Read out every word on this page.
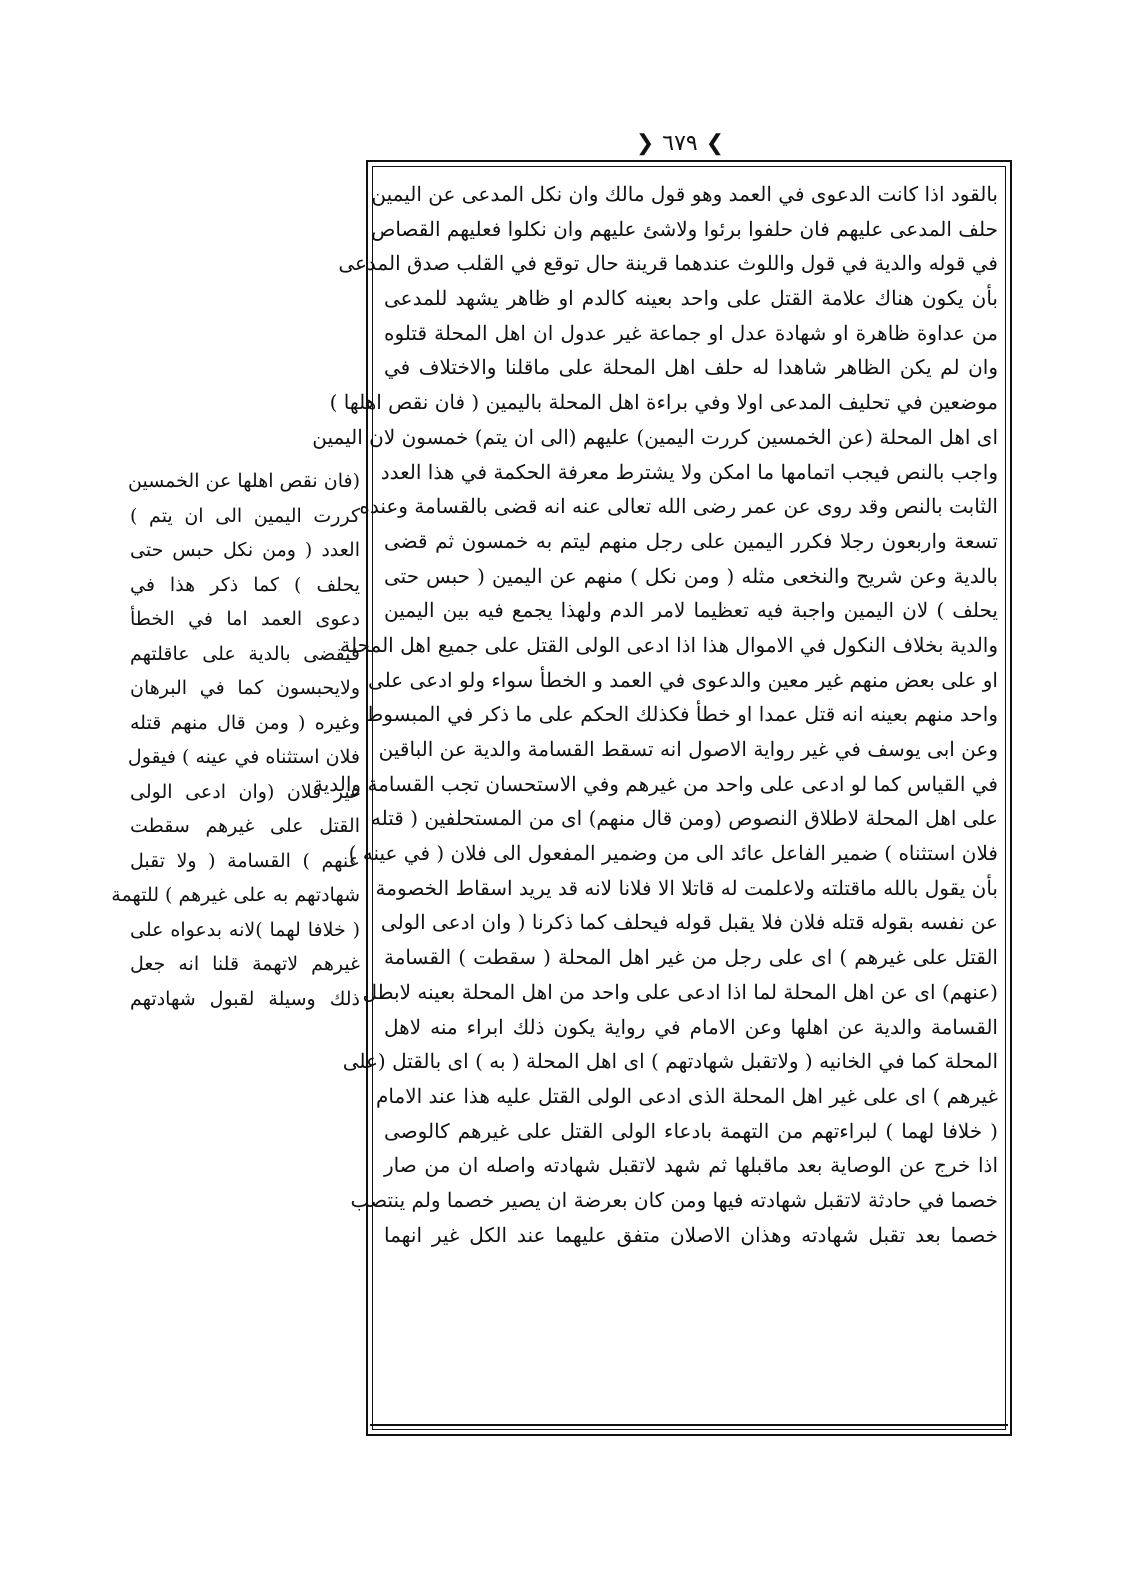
❯
٦٧٩
❮
بالقود اذا كانت الدعوى في العمد وهو قول مالك وان نكل المدعى عن اليمين
حلف المدعى عليهم فان حلفوا برئوا ولاشئ عليهم وان نكلوا فعليهم القصاص
في قوله والدية في قول واللوث عندهما قرينة حال توقع في القلب صدق المدعى
بأن يكون هناك علامة القتل على واحد بعينه كالدم او ظاهر يشهد للمدعى
من عداوة ظاهرة او شهادة عدل او جماعة غير عدول ان اهل المحلة قتلوه
وان لم يكن الظاهر شاهدا له حلف اهل المحلة على ماقلنا والاختلاف في
موضعين في تحليف المدعى اولا وفي براءة اهل المحلة باليمين ( فان نقص اهلها )
اى اهل المحلة (عن الخمسين كررت اليمين) عليهم (الى ان يتم) خمسون لان اليمين
واجب بالنص فيجب اتمامها ما امكن ولا يشترط معرفة الحكمة في هذا العدد
الثابت بالنص وقد روى عن عمر رضى الله تعالى عنه انه قضى بالقسامة وعنده
تسعة واربعون رجلا فكرر اليمين على رجل منهم ليتم به خمسون ثم قضى
بالدية وعن شريح والنخعى مثله ( ومن نكل ) منهم عن اليمين ( حبس حتى
يحلف ) لان اليمين واجبة فيه تعظيما لامر الدم ولهذا يجمع فيه بين اليمين
والدية بخلاف النكول في الاموال هذا اذا ادعى الولى القتل على جميع اهل المحلة
او على بعض منهم غير معين والدعوى في العمد و الخطأ سواء ولو ادعى على
واحد منهم بعينه انه قتل عمدا او خطأ فكذلك الحكم على ما ذكر في المبسوط
وعن ابى يوسف في غير رواية الاصول انه تسقط القسامة والدية عن الباقين
في القياس كما لو ادعى على واحد من غيرهم وفي الاستحسان تجب القسامة والدية
على اهل المحلة لاطلاق النصوص (ومن قال منهم) اى من المستحلفين ( قتله
فلان استثناه ) ضمير الفاعل عائد الى من وضمير المفعول الى فلان ( في عينه )
بأن يقول بالله ماقتلته ولاعلمت له قاتلا الا فلانا لانه قد يريد اسقاط الخصومة
عن نفسه بقوله قتله فلان فلا يقبل قوله فيحلف كما ذكرنا ( وان ادعى الولى
القتل على غيرهم ) اى على رجل من غير اهل المحلة ( سقطت ) القسامة
(عنهم) اى عن اهل المحلة لما اذا ادعى على واحد من اهل المحلة بعينه لابطل
القسامة والدية عن اهلها وعن الامام في رواية يكون ذلك ابراء منه لاهل
المحلة كما في الخانيه ( ولاتقبل شهادتهم ) اى اهل المحلة ( به ) اى بالقتل (على
غيرهم ) اى على غير اهل المحلة الذى ادعى الولى القتل عليه هذا عند الامام
( خلافا لهما ) لبراءتهم من التهمة بادعاء الولى القتل على غيرهم كالوصى
اذا خرج عن الوصاية بعد ماقبلها ثم شهد لاتقبل شهادته واصله ان من صار
خصما في حادثة لاتقبل شهادته فيها ومن كان بعرضة ان يصير خصما ولم ينتصب
خصما بعد تقبل شهادته وهذان الاصلان متفق عليهما عند الكل غير انهما
(فان نقص اهلها عن الخمسين
كررت اليمين الى ان يتم )
العدد ( ومن نكل حبس حتى
يحلف ) كما ذكر هذا في
دعوى العمد اما في الخطأ
فيقضى بالدية على عاقلتهم
ولايحبسون كما في البرهان
وغيره ( ومن قال منهم قتله
فلان استثناه في عينه ) فيقول
غير فلان (وان ادعى الولى
القتل على غيرهم سقطت
عنهم ) القسامة ( ولا تقبل
شهادتهم به على غيرهم ) للتهمة
( خلافا لهما )لانه بدعواه على
غيرهم لاتهمة قلنا انه جعل
ذلك وسيلة لقبول شهادتهم
